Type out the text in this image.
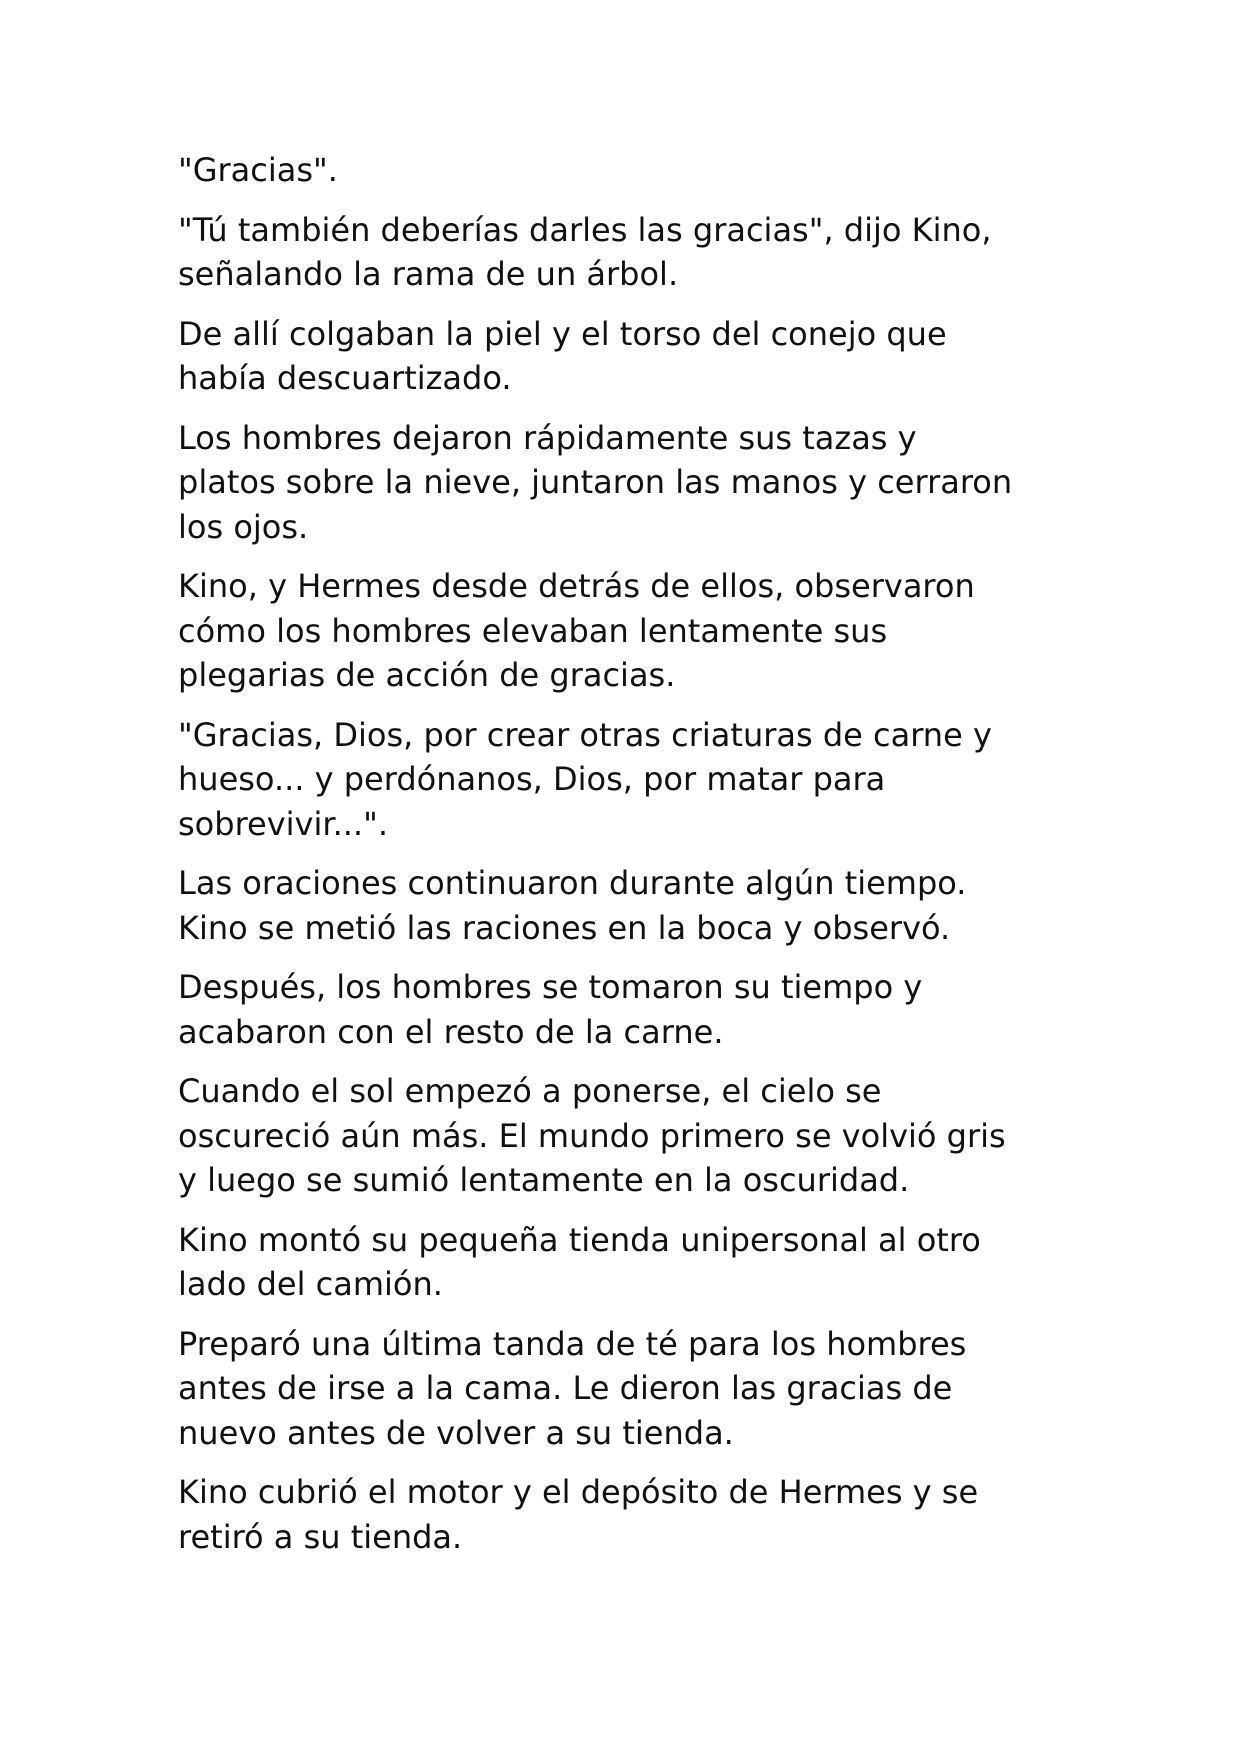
"Gracias".

"Tú también deberías darles las gracias", dijo Kino,
señalando la rama de un árbol.

De allí colgaban la piel y el torso del conejo que
había descuartizado.

Los hombres dejaron rápidamente sus tazas y
platos sobre la nieve, juntaron las manos y cerraron
los ojos.

Kino, y Hermes desde detrás de ellos, observaron
cómo los hombres elevaban lentamente sus
plegarias de acción de gracias.

"Gracias, Dios, por crear otras criaturas de carne y
hueso... y perdónanos, Dios, por matar para
sobrevivir...".

Las oraciones continuaron durante algún tiempo.
Kino se metió las raciones en la boca y observó.

Después, los hombres se tomaron su tiempo y
acabaron con el resto de la carne.

Cuando el sol empezó a ponerse, el cielo se
oscureció aún más. El mundo primero se volvió gris
y luego se sumió lentamente en la oscuridad.

Kino montó su pequeña tienda unipersonal al otro
lado del camión.

Preparó una última tanda de té para los hombres
antes de irse a la cama. Le dieron las gracias de
nuevo antes de volver a su tienda.

Kino cubrió el motor y el depósito de Hermes y se
retiró a su tienda.
